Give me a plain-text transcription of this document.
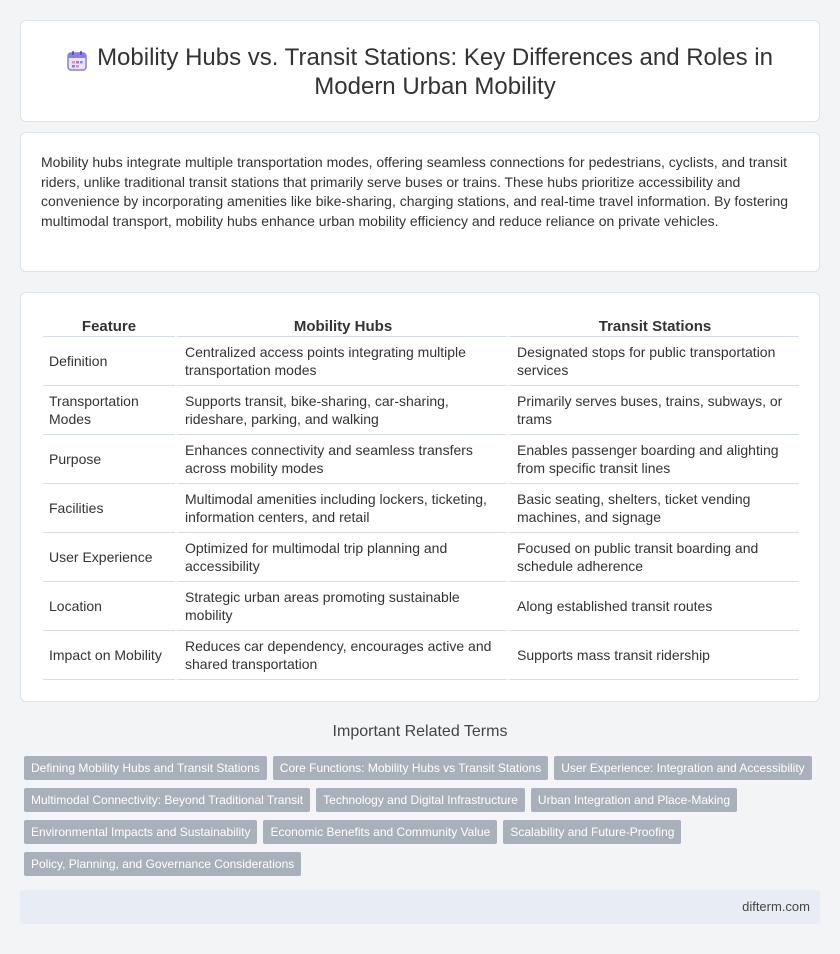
Mobility Hubs vs. Transit Stations: Key Differences and Roles in Modern Urban Mobility

Mobility hubs integrate multiple transportation modes, offering seamless connections for pedestrians, cyclists, and transit riders, unlike traditional transit stations that primarily serve buses or trains. These hubs prioritize accessibility and convenience by incorporating amenities like bike-sharing, charging stations, and real-time travel information. By fostering multimodal transport, mobility hubs enhance urban mobility efficiency and reduce reliance on private vehicles.

Feature	Mobility Hubs	Transit Stations
Definition	Centralized access points integrating multiple transportation modes	Designated stops for public transportation services
Transportation Modes	Supports transit, bike-sharing, car-sharing, rideshare, parking, and walking	Primarily serves buses, trains, subways, or trams
Purpose	Enhances connectivity and seamless transfers across mobility modes	Enables passenger boarding and alighting from specific transit lines
Facilities	Multimodal amenities including lockers, ticketing, information centers, and retail	Basic seating, shelters, ticket vending machines, and signage
User Experience	Optimized for multimodal trip planning and accessibility	Focused on public transit boarding and schedule adherence
Location	Strategic urban areas promoting sustainable mobility	Along established transit routes
Impact on Mobility	Reduces car dependency, encourages active and shared transportation	Supports mass transit ridership
Important Related Terms
Defining Mobility Hubs and Transit Stations	Core Functions: Mobility Hubs vs Transit Stations	User Experience: Integration and Accessibility
Multimodal Connectivity: Beyond Traditional Transit	Technology and Digital Infrastructure	Urban Integration and Place-Making
Environmental Impacts and Sustainability	Economic Benefits and Community Value	Scalability and Future-Proofing
Policy, Planning, and Governance Considerations
difterm.com
